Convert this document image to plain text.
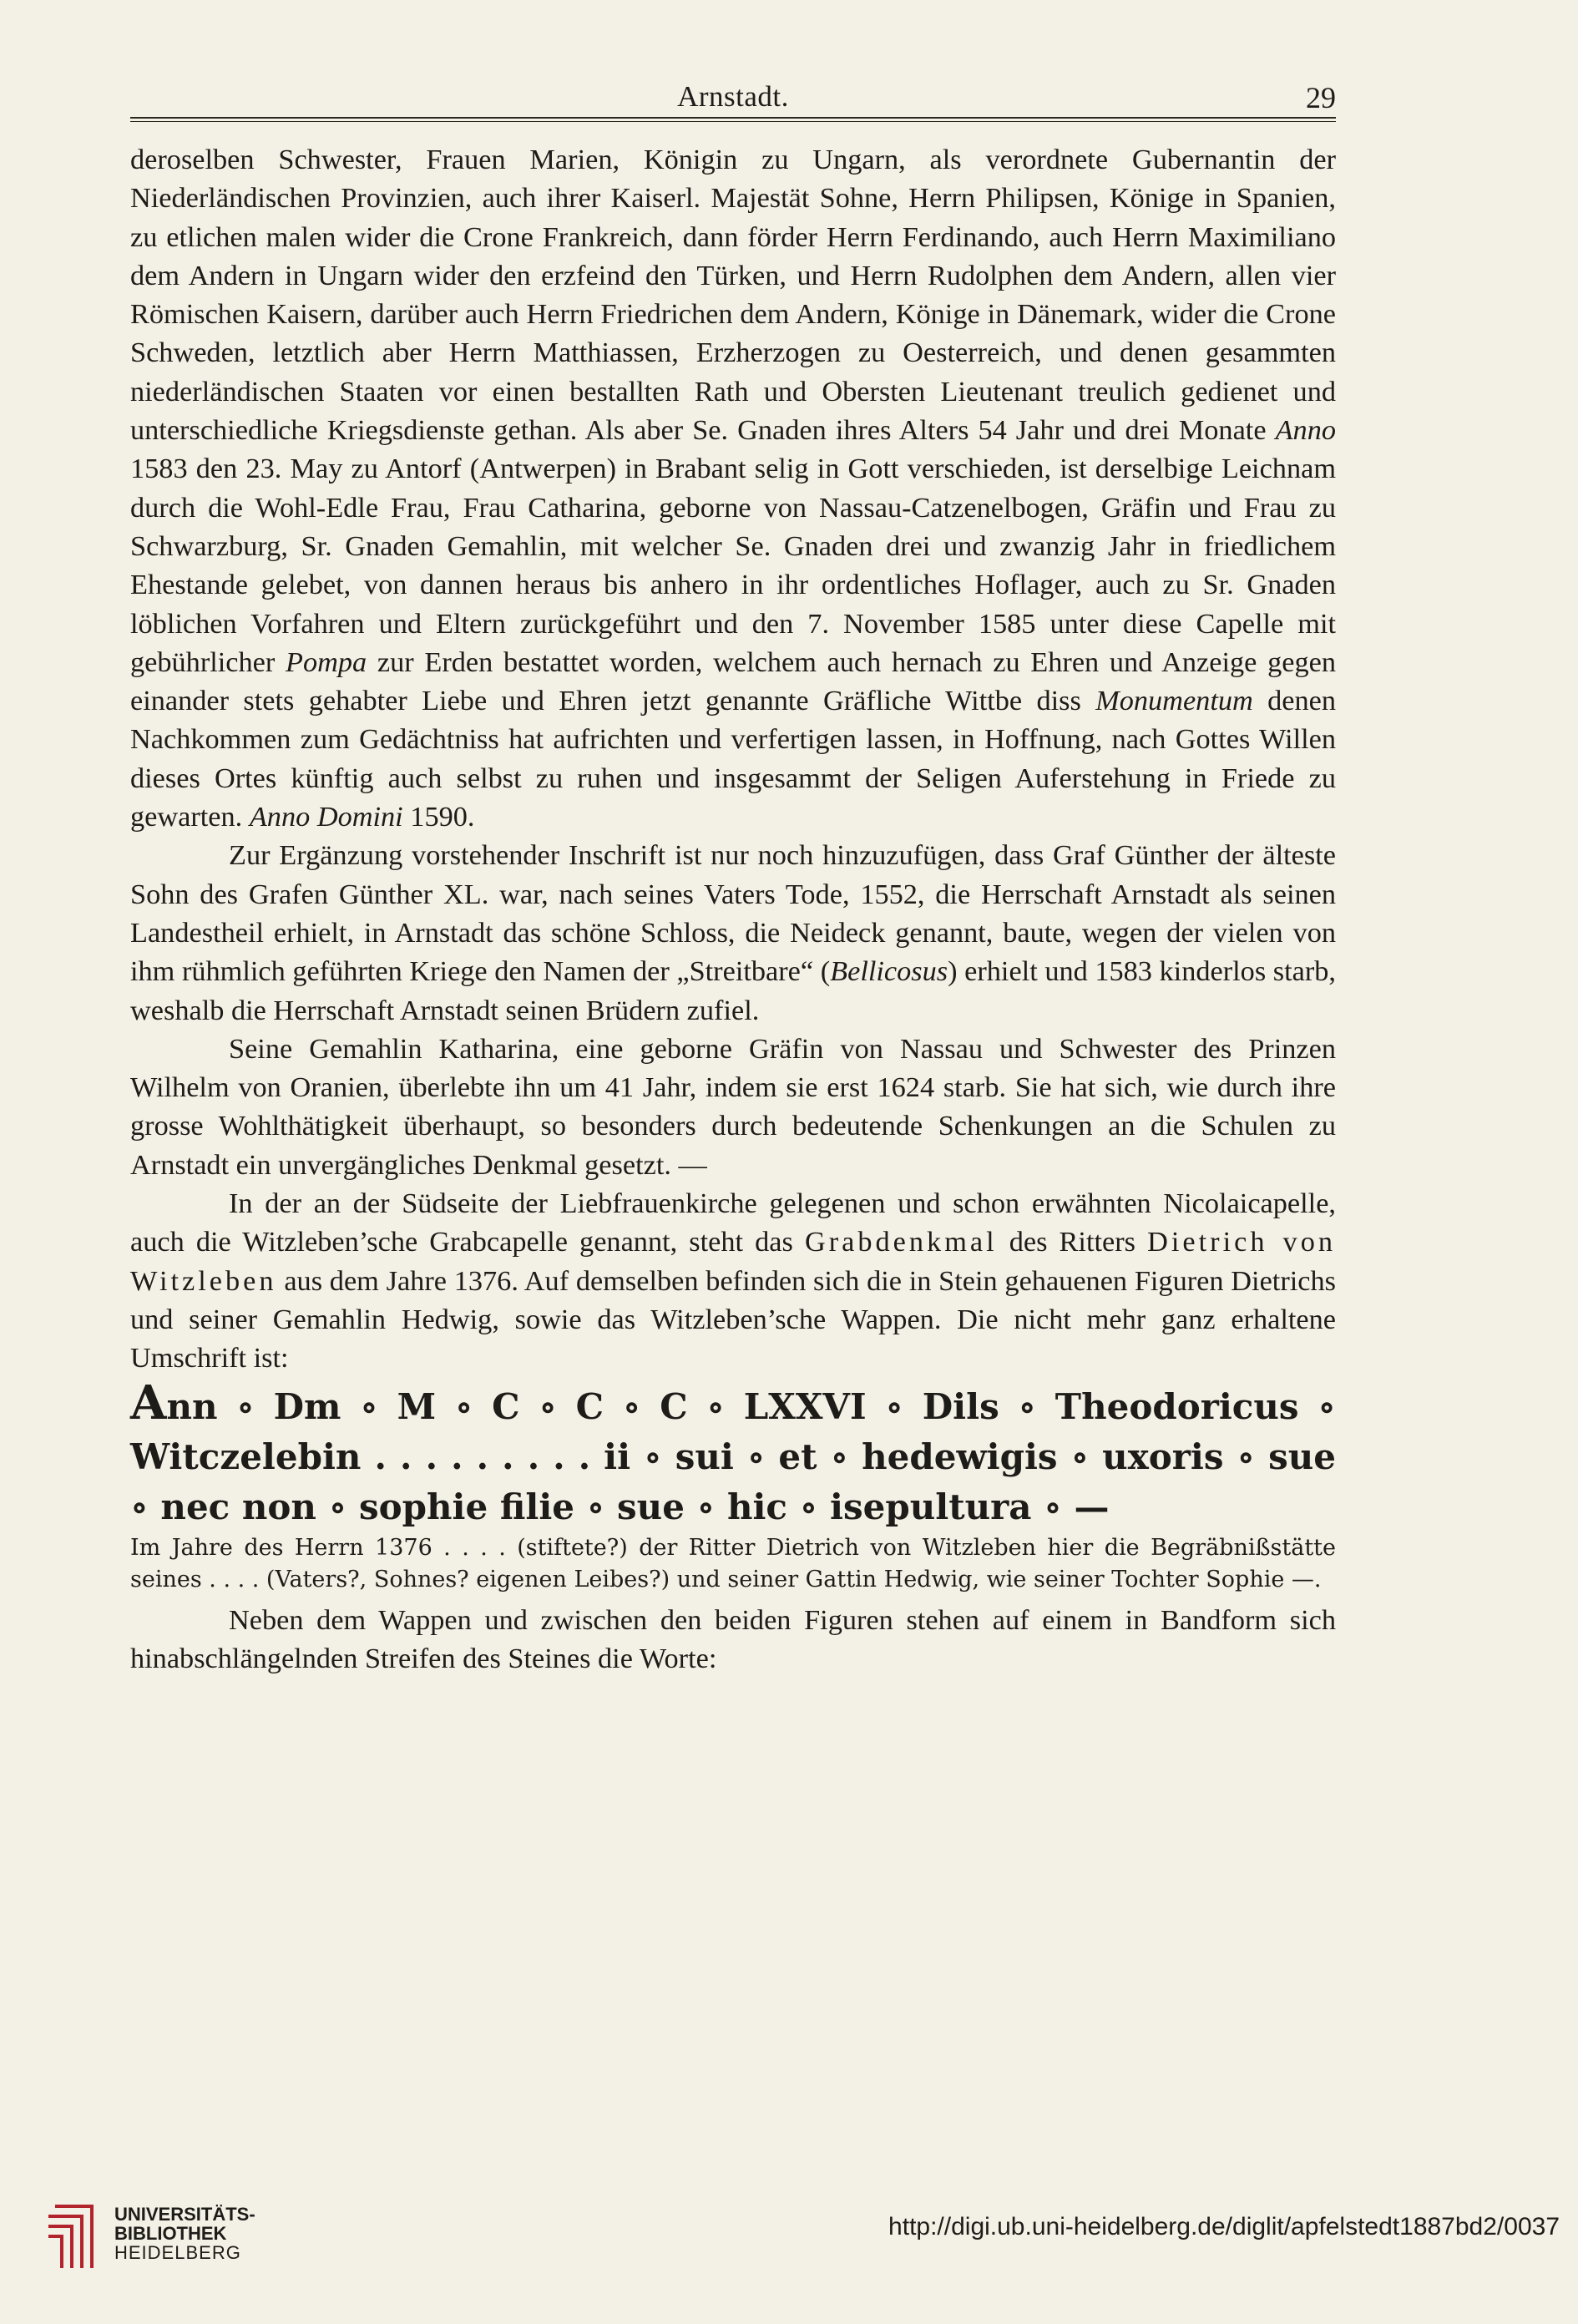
Arnstadt.	29

deroselben Schwester, Frauen Marien, Königin zu Ungarn, als verordnete Gubernantin der Niederländischen Provinzien, auch ihrer Kaiserl. Majestät Sohne, Herrn Philipsen, Könige in Spanien, zu etlichen malen wider die Crone Frankreich, dann förder Herrn Ferdinando, auch Herrn Maximiliano dem Andern in Ungarn wider den erzfeind den Türken, und Herrn Rudolphen dem Andern, allen vier Römischen Kaisern, darüber auch Herrn Friedrichen dem Andern, Könige in Dänemark, wider die Crone Schweden, letztlich aber Herrn Matthiassen, Erzherzogen zu Oesterreich, und denen gesammten niederländischen Staaten vor einen bestallten Rath und Obersten Lieutenant treulich gedienet und unterschiedliche Kriegsdienste gethan. Als aber Se. Gnaden ihres Alters 54 Jahr und drei Monate Anno 1583 den 23. May zu Antorf (Antwerpen) in Brabant selig in Gott verschieden, ist derselbige Leichnam durch die Wohl-Edle Frau, Frau Catharina, geborne von Nassau-Catzenelbogen, Gräfin und Frau zu Schwarzburg, Sr. Gnaden Gemahlin, mit welcher Se. Gnaden drei und zwanzig Jahr in friedlichem Ehestande gelebet, von dannen heraus bis anhero in ihr ordentliches Hoflager, auch zu Sr. Gnaden löblichen Vorfahren und Eltern zurückgeführt und den 7. November 1585 unter diese Capelle mit gebührlicher Pompa zur Erden bestattet worden, welchem auch hernach zu Ehren und Anzeige gegen einander stets gehabter Liebe und Ehren jetzt genannte Gräfliche Wittbe diss Monumentum denen Nachkommen zum Gedächtniss hat aufrichten und verfertigen lassen, in Hoffnung, nach Gottes Willen dieses Ortes künftig auch selbst zu ruhen und insgesammt der Seligen Auferstehung in Friede zu gewarten. Anno Domini 1590.

Zur Ergänzung vorstehender Inschrift ist nur noch hinzuzufügen, dass Graf Günther der älteste Sohn des Grafen Günther XL. war, nach seines Vaters Tode, 1552, die Herrschaft Arnstadt als seinen Landestheil erhielt, in Arnstadt das schöne Schloss, die Neideck genannt, baute, wegen der vielen von ihm rühmlich geführten Kriege den Namen der „Streitbare“ (Bellicosus) erhielt und 1583 kinderlos starb, weshalb die Herrschaft Arnstadt seinen Brüdern zufiel.

Seine Gemahlin Katharina, eine geborne Gräfin von Nassau und Schwester des Prinzen Wilhelm von Oranien, überlebte ihn um 41 Jahr, indem sie erst 1624 starb. Sie hat sich, wie durch ihre grosse Wohlthätigkeit überhaupt, so besonders durch bedeutende Schenkungen an die Schulen zu Arnstadt ein unvergängliches Denkmal gesetzt. —

In der an der Südseite der Liebfrauenkirche gelegenen und schon erwähnten Nicolaicapelle, auch die Witzleben’sche Grabcapelle genannt, steht das Grabdenkmal des Ritters Dietrich von Witzleben aus dem Jahre 1376. Auf demselben befinden sich die in Stein gehauenen Figuren Dietrichs und seiner Gemahlin Hedwig, sowie das Witzleben’sche Wappen. Die nicht mehr ganz erhaltene Umschrift ist:

Ann ∘ Dm ∘ M ∘ C ∘ C ∘ C ∘ LXXVI ∘ Dils ∘ Theodoricus ∘ Witczelebin . . . . . . . . . ii ∘ sui ∘ et ∘ hedewigis ∘ uxoris ∘ sue ∘ nec non ∘ sophie filie ∘ sue ∘ hic ∘ isepultura ∘ —

Im Jahre des Herrn 1376 . . . . (stiftete?) der Ritter Dietrich von Witzleben hier die Begräbnißstätte seines . . . . (Vaters?, Sohnes? eigenen Leibes?) und seiner Gattin Hedwig, wie seiner Tochter Sophie —.

Neben dem Wappen und zwischen den beiden Figuren stehen auf einem in Bandform sich hinabschlängelnden Streifen des Steines die Worte:

UNIVERSITÄTS-
BIBLIOTHEK
HEIDELBERG
http://digi.ub.uni-heidelberg.de/diglit/apfelstedt1887bd2/0037
